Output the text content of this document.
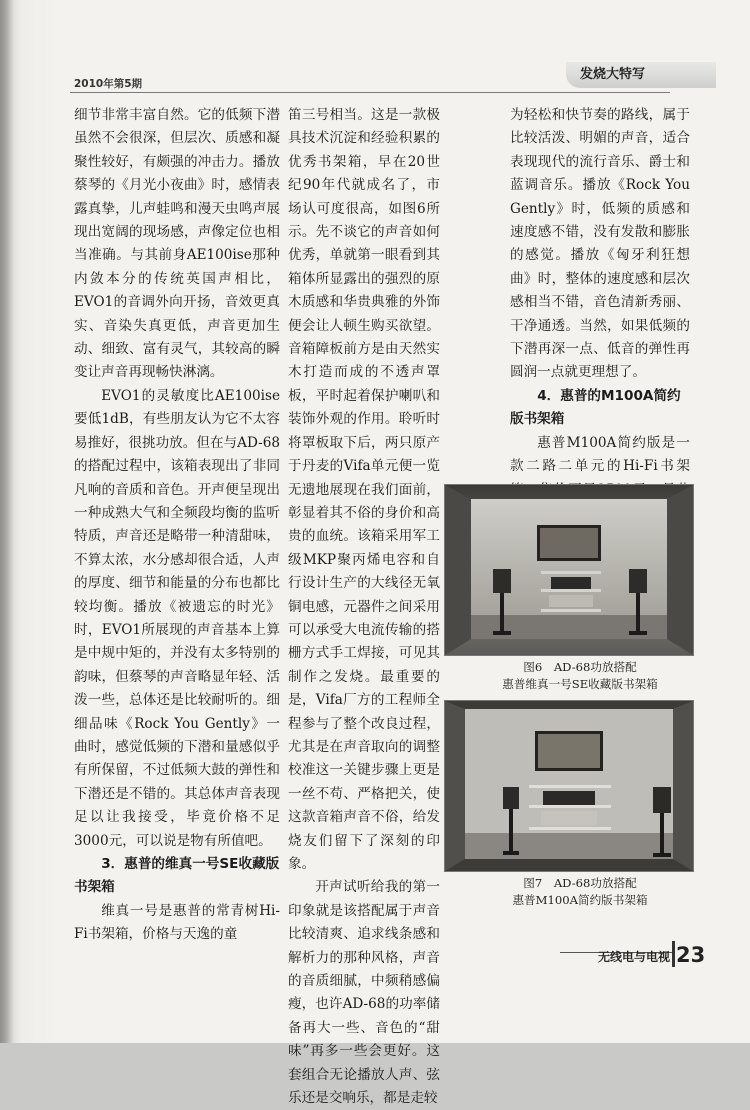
2010年第5期
发烧大特写

细节非常丰富自然。它的低频下潜虽然不会很深，但层次、质感和凝聚性较好，有颇强的冲击力。播放蔡琴的《月光小夜曲》时，感情表露真挚，儿声蛙鸣和漫天虫鸣声展现出宽阔的现场感，声像定位也相当准确。与其前身AE100ise那种内敛本分的传统英国声相比，EVO1的音调外向开扬，音效更真实、音染失真更低，声音更加生动、细致、富有灵气，其较高的瞬变让声音再现畅快淋漓。

EVO1的灵敏度比AE100ise要低1dB，有些朋友认为它不太容易推好，很挑功放。但在与AD-68的搭配过程中，该箱表现出了非同凡响的音质和音色。开声便呈现出一种成熟大气和全频段均衡的监听特质，声音还是略带一种清甜味，不算太浓，水分感却很合适，人声的厚度、细节和能量的分布也都比较均衡。播放《被遗忘的时光》时，EVO1所展现的声音基本上算是中规中矩的，并没有太多特别的韵味，但蔡琴的声音略显年轻、活泼一些，总体还是比较耐听的。细细品味《Rock You Gently》一曲时，感觉低频的下潜和量感似乎有所保留，不过低频大鼓的弹性和下潜还是不错的。其总体声音表现足以让我接受，毕竟价格不足3000元，可以说是物有所值吧。

3．惠普的维真一号SE收藏版书架箱

维真一号是惠普的常青树Hi-Fi书架箱，价格与天逸的童

笛三号相当。这是一款极具技术沉淀和经验积累的优秀书架箱，早在20世纪90年代就成名了，市场认可度很高，如图6所示。先不谈它的声音如何优秀，单就第一眼看到其箱体所显露出的强烈的原木质感和华贵典雅的外饰便会让人顿生购买欲望。音箱障板前方是由天然实木打造而成的不透声罩板，平时起着保护喇叭和装饰外观的作用。聆听时将罩板取下后，两只原产于丹麦的Vifa单元便一览无遗地展现在我们面前，彰显着其不俗的身价和高贵的血统。该箱采用军工级MKP聚丙烯电容和自行设计生产的大线径无氧铜电感，元器件之间采用可以承受大电流传输的搭栅方式手工焊接，可见其制作之发烧。最重要的是，Vifa厂方的工程师全程参与了整个改良过程，尤其是在声音取向的调整校准这一关键步骤上更是一丝不苟、严格把关，使这款音箱声音不俗，给发烧友们留下了深刻的印象。

开声试听给我的第一印象就是该搭配属于声音比较清爽、追求线条感和解析力的那种风格，声音的音质细腻，中频稍感偏瘦，也许AD-68的功率储备再大一些、音色的“甜味”再多一些会更好。这套组合无论播放人声、弦乐还是交响乐，都是走较

为轻松和快节奏的路线，属于比较活泼、明媚的声音，适合表现现代的流行音乐、爵士和蓝调音乐。播放《Rock You Gently》时，低频的质感和速度感不错，没有发散和膨胀的感觉。播放《匈牙利狂想曲》时，整体的速度感和层次感相当不错，音色清新秀丽、干净通透。当然，如果低频的下潜再深一点、低音的弹性再圆润一点就更理想了。

4．惠普的M100A简约版书架箱

惠普M100A简约版是一款二路二单元的Hi-Fi书架

图6　AD-68功放搭配
惠普维真一号SE收藏版书架箱
图7　AD-68功放搭配
惠普M100A简约版书架箱
无线电与电视 23
